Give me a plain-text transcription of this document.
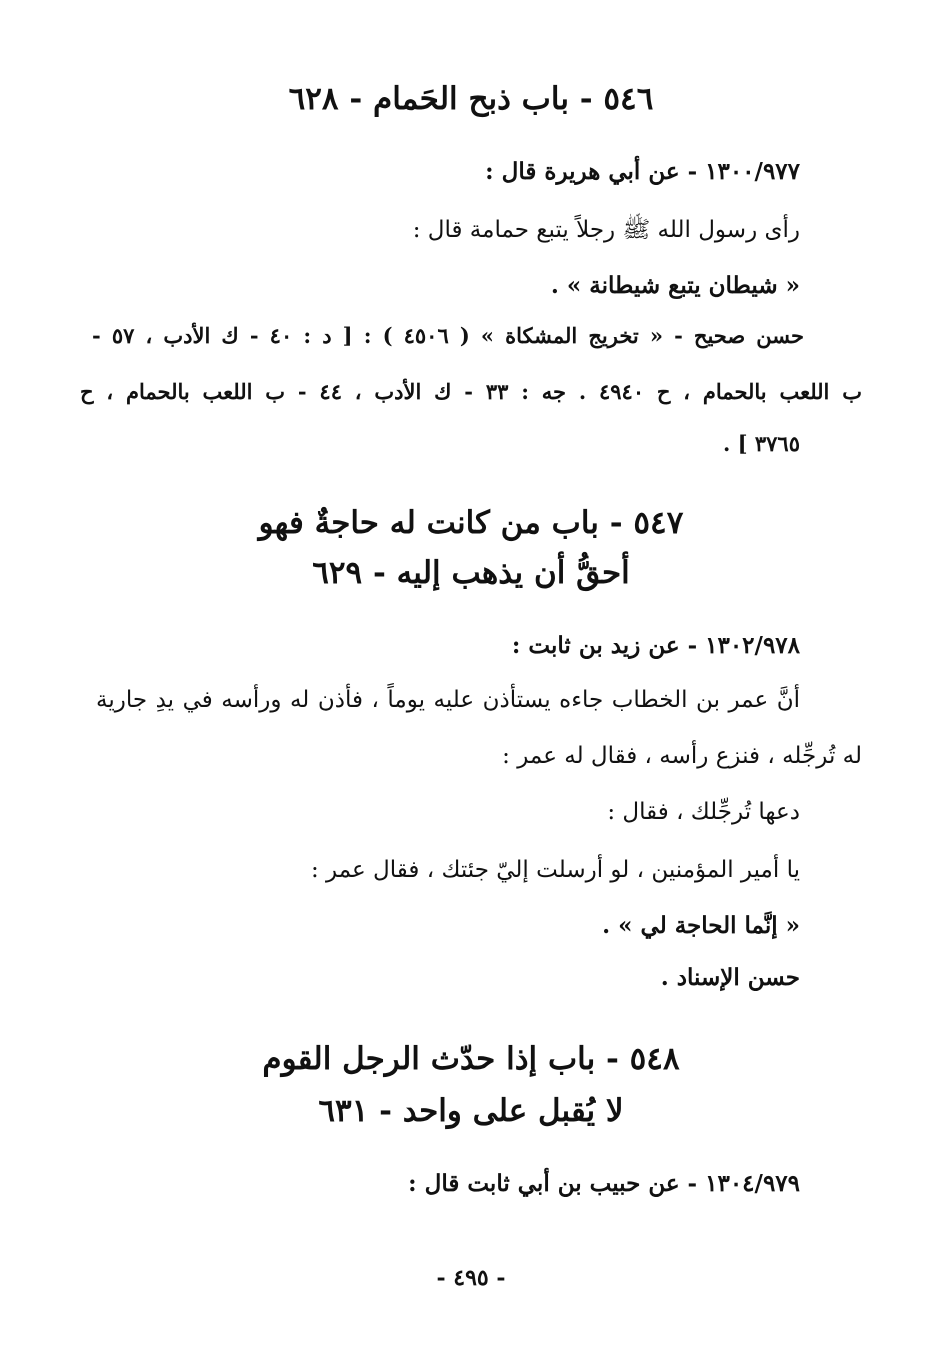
٥٤٦ - باب ذبح الحَمام - ٦٢٨

١٣٠٠/٩٧٧ - عن أبي هريرة قال :

رأى رسول الله ﷺ رجلاً يتبع حمامة قال :

« شيطان يتبع شيطانة » .

حسن صحيح - « تخريج المشكاة » ( ٤٥٠٦ ) : [ د : ٤٠ - ك الأدب ، ٥٧ -

ب اللعب بالحمام ، ح ٤٩٤٠ . جه : ٣٣ - ك الأدب ، ٤٤ - ب اللعب بالحمام ، ح

٣٧٦٥ ] .

٥٤٧ - باب من كانت له حاجةٌ فهو
أحقُّ أن يذهب إليه - ٦٢٩

١٣٠٢/٩٧٨ - عن زيد بن ثابت :

أنَّ عمر بن الخطاب جاءه يستأذن عليه يوماً ، فأذن له ورأسه في يدِ جارية

له تُرجِّله ، فنزع رأسه ، فقال له عمر :

دعها تُرجِّلك ، فقال :

يا أمير المؤمنين ، لو أرسلت إليّ جئتك ، فقال عمر :

« إنَّما الحاجة لي » .

حسن الإسناد .

٥٤٨ - باب إذا حدّث الرجل القوم
لا يُقبل على واحد - ٦٣١

١٣٠٤/٩٧٩ - عن حبيب بن أبي ثابت قال :

- ٤٩٥ -
